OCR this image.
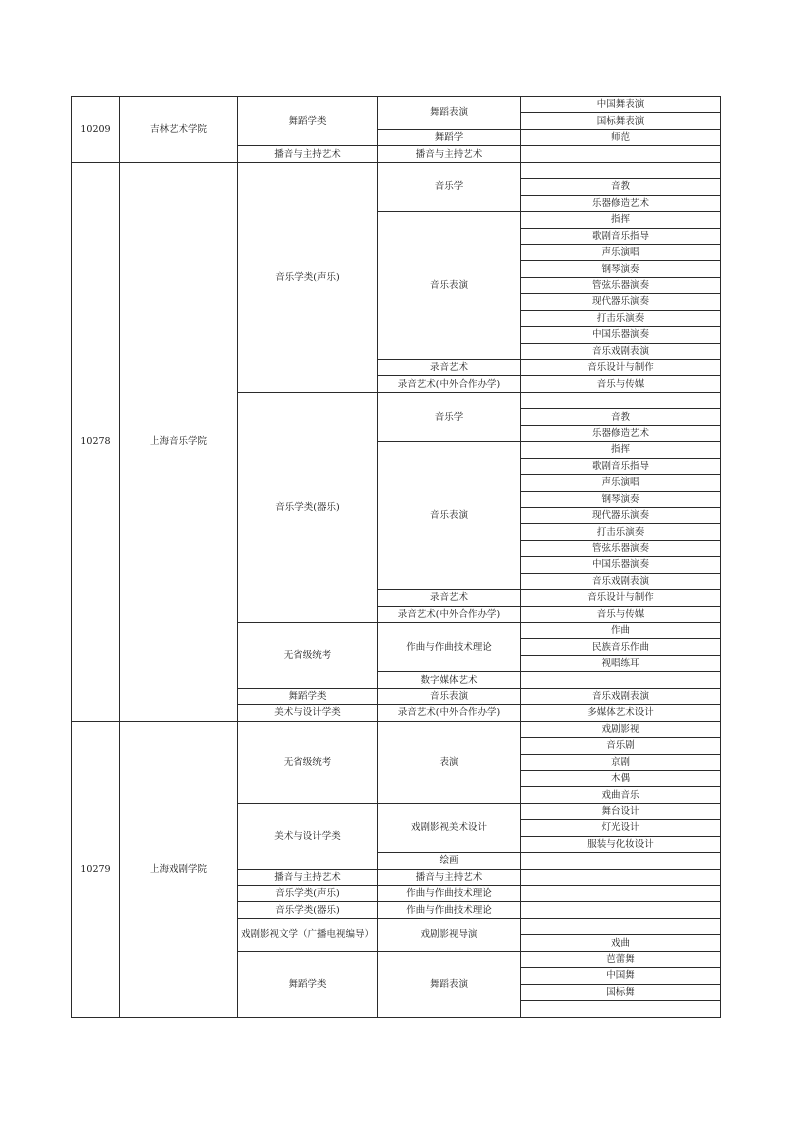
10209	吉林艺术学院	舞蹈学类	舞蹈表演	中国舞表演
				国标舞表演
			舞蹈学	师范
		播音与主持艺术	播音与主持艺术	
10278	上海音乐学院	音乐学类(声乐)	音乐学	
				音教
				乐器修造艺术
			音乐表演	指挥
				歌剧音乐指导
				声乐演唱
				钢琴演奏
				管弦乐器演奏
				现代器乐演奏
				打击乐演奏
				中国乐器演奏
				音乐戏剧表演
			录音艺术	音乐设计与制作
			录音艺术(中外合作办学)	音乐与传媒
		音乐学类(器乐)	音乐学	
				音教
				乐器修造艺术
			音乐表演	指挥
				歌剧音乐指导
				声乐演唱
				钢琴演奏
				现代器乐演奏
				打击乐演奏
				管弦乐器演奏
				中国乐器演奏
				音乐戏剧表演
			录音艺术	音乐设计与制作
			录音艺术(中外合作办学)	音乐与传媒
		无省级统考	作曲与作曲技术理论	作曲
				民族音乐作曲
				视唱练耳
			数字媒体艺术	
		舞蹈学类	音乐表演	音乐戏剧表演
		美术与设计学类	录音艺术(中外合作办学)	多媒体艺术设计
10279	上海戏剧学院	无省级统考	表演	戏剧影视
				音乐剧
				京剧
				木偶
				戏曲音乐
		美术与设计学类	戏剧影视美术设计	舞台设计
				灯光设计
				服装与化妆设计
			绘画	
		播音与主持艺术	播音与主持艺术	
		音乐学类(声乐)	作曲与作曲技术理论	
		音乐学类(器乐)	作曲与作曲技术理论	
		戏剧影视文学（广播电视编导）	戏剧影视导演	
				戏曲
		舞蹈学类	舞蹈表演	芭蕾舞
				中国舞
				国标舞
